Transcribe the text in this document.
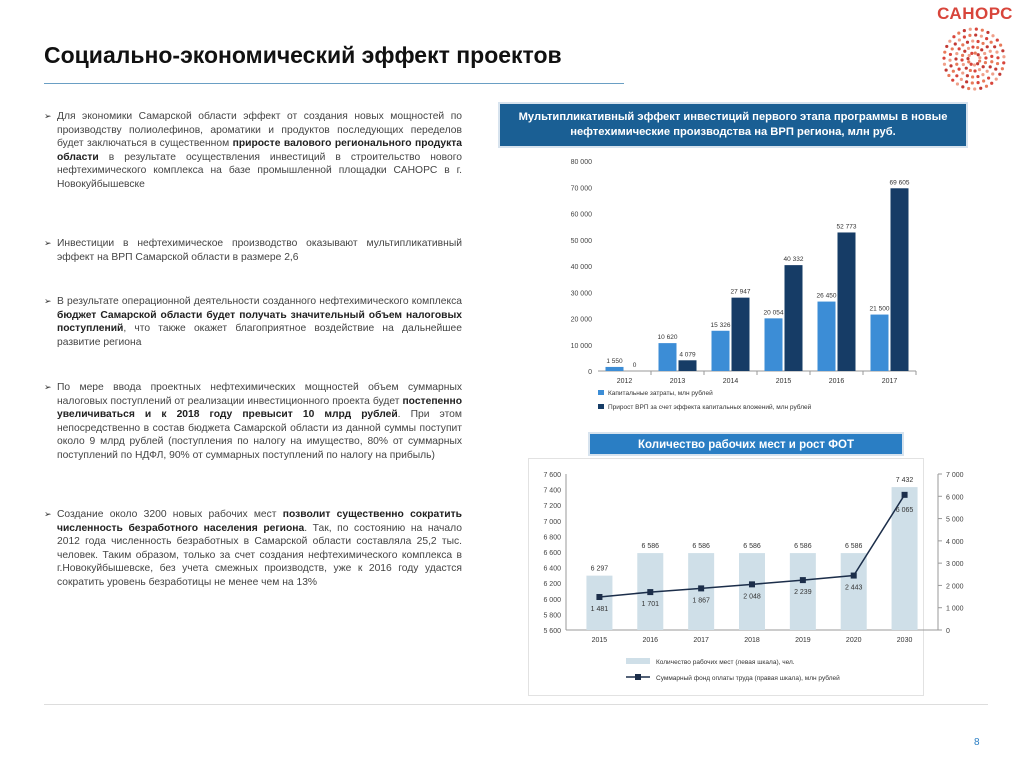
Социально-экономический эффект проектов
САНОРС
➢ Для экономики Самарской области эффект от создания новых мощностей по производству полиолефинов, ароматики и продуктов последующих переделов будет заключаться в существенном приросте валового регионального продукта области в результате осуществления инвестиций в строительство нового нефтехимического комплекса на базе промышленной площадки САНОРС в г. Новокуйбышевске
➢ Инвестиции в нефтехимическое производство оказывают мультипликативный эффект на ВРП Самарской области в размере 2,6
➢ В результате операционной деятельности созданного нефтехимического комплекса бюджет Самарской области будет получать значительный объем налоговых поступлений, что также окажет благоприятное воздействие на дальнейшее развитие региона
➢ По мере ввода проектных нефтехимических мощностей объем суммарных налоговых поступлений от реализации инвестиционного проекта будет постепенно увеличиваться и к 2018 году превысит 10 млрд рублей. При этом непосредственно в состав бюджета Самарской области из данной суммы поступит около 9 млрд рублей (поступления по налогу на имущество, 80% от суммарных поступлений по НДФЛ, 90% от суммарных поступлений по налогу на прибыль)
➢ Создание около 3200 новых рабочих мест позволит существенно сократить численность безработного населения региона. Так, по состоянию на начало 2012 года численность безработных в Самарской области составляла 25,2 тыс. человек. Таким образом, только за счет создания нефтехимического комплекса в г.Новокуйбышевске, без учета смежных производств, уже к 2016 году удастся сократить уровень безработицы не менее чем на 13%
Мультипликативный эффект инвестиций первого этапа программы в новые нефтехимические производства на ВРП региона, млн руб.
0
10 000
20 000
30 000
40 000
50 000
60 000
70 000
80 000
1 550
0
2012
10 620
4 079
2013
15 326
27 947
2014
20 054
40 332
2015
26 450
52 773
2016
21 500
69 605
2017
Капитальные затраты, млн рублей
Прирост ВРП за счет эффекта капитальных вложений, млн рублей
Количество рабочих мест и рост ФОТ
5 600
5 800
6 000
6 200
6 400
6 600
6 800
7 000
7 200
7 400
7 600
0
1 000
2 000
3 000
4 000
5 000
6 000
7 000
6 297
2015
1 481
6 586
2016
1 701
6 586
2017
1 867
6 586
2018
2 048
6 586
2019
2 239
6 586
2020
2 443
7 432
2030
6 065
Количество рабочих мест (левая шкала), чел.
Суммарный фонд оплаты труда (правая шкала), млн рублей
8
